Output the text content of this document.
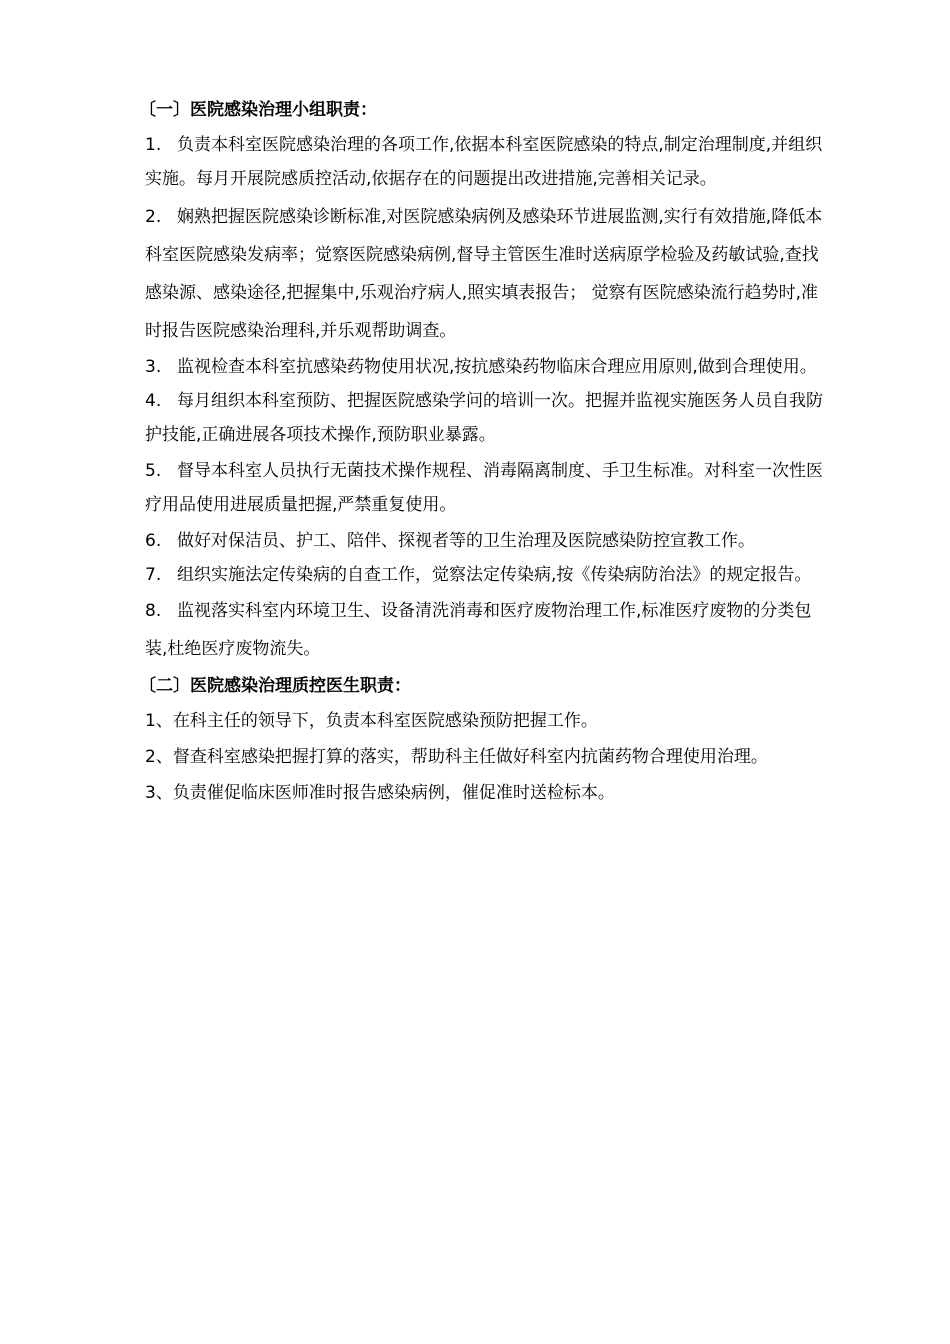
〔一〕医院感染治理小组职责：
1. 负责本科室医院感染治理的各项工作,依据本科室医院感染的特点,制定治理制度,并组织实施。每月开展院感质控活动,依据存在的问题提出改进措施,完善相关记录。
2. 娴熟把握医院感染诊断标准,对医院感染病例及感染环节进展监测,实行有效措施,降低本科室医院感染发病率；觉察医院感染病例,督导主管医生准时送病原学检验及药敏试验,查找感染源、感染途径,把握集中,乐观治疗病人,照实填表报告； 觉察有医院感染流行趋势时,准时报告医院感染治理科,并乐观帮助调查。
3. 监视检查本科室抗感染药物使用状况,按抗感染药物临床合理应用原则,做到合理使用。
4. 每月组织本科室预防、把握医院感染学问的培训一次。把握并监视实施医务人员自我防护技能,正确进展各项技术操作,预防职业暴露。
5. 督导本科室人员执行无菌技术操作规程、消毒隔离制度、手卫生标准。对科室一次性医疗用品使用进展质量把握,严禁重复使用。
6. 做好对保洁员、护工、陪伴、探视者等的卫生治理及医院感染防控宣教工作。
7. 组织实施法定传染病的自查工作，觉察法定传染病,按《传染病防治法》的规定报告。
8. 监视落实科室内环境卫生、设备清洗消毒和医疗废物治理工作,标准医疗废物的分类包装,杜绝医疗废物流失。
〔二〕医院感染治理质控医生职责：
1、在科主任的领导下，负责本科室医院感染预防把握工作。
2、督查科室感染把握打算的落实，帮助科主任做好科室内抗菌药物合理使用治理。
3、负责催促临床医师准时报告感染病例，催促准时送检标本。
